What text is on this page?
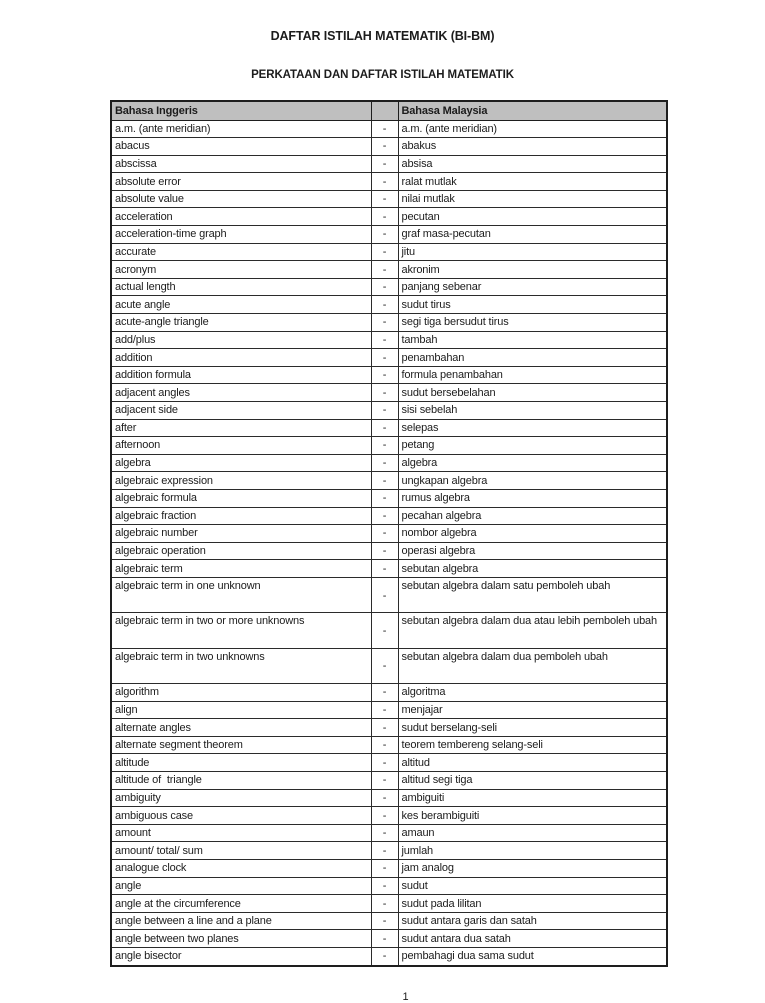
DAFTAR ISTILAH MATEMATIK (BI-BM)
PERKATAAN DAN DAFTAR ISTILAH MATEMATIK
Bahasa Inggeris		Bahasa Malaysia
a.m. (ante meridian)	-	a.m. (ante meridian)
abacus	-	abakus
abscissa	-	absisa
absolute error	-	ralat mutlak
absolute value	-	nilai mutlak
acceleration	-	pecutan
acceleration-time graph	-	graf masa-pecutan
accurate	-	jitu
acronym	-	akronim
actual length	-	panjang sebenar
acute angle	-	sudut tirus
acute-angle triangle	-	segi tiga bersudut tirus
add/plus	-	tambah
addition	-	penambahan
addition formula	-	formula penambahan
adjacent angles	-	sudut bersebelahan
adjacent side	-	sisi sebelah
after	-	selepas
afternoon	-	petang
algebra	-	algebra
algebraic expression	-	ungkapan algebra
algebraic formula	-	rumus algebra
algebraic fraction	-	pecahan algebra
algebraic number	-	nombor algebra
algebraic operation	-	operasi algebra
algebraic term	-	sebutan algebra
algebraic term in one unknown	-	sebutan algebra dalam satu pemboleh ubah
algebraic term in two or more unknowns	-	sebutan algebra dalam dua atau lebih pemboleh ubah
algebraic term in two unknowns	-	sebutan algebra dalam dua pemboleh ubah
algorithm	-	algoritma
align	-	menjajar
alternate angles	-	sudut berselang-seli
alternate segment theorem	-	teorem tembereng selang-seli
altitude	-	altitud
altitude of  triangle	-	altitud segi tiga
ambiguity	-	ambiguiti
ambiguous case	-	kes berambiguiti
amount	-	amaun
amount/ total/ sum	-	jumlah
analogue clock	-	jam analog
angle	-	sudut
angle at the circumference	-	sudut pada lilitan
angle between a line and a plane	-	sudut antara garis dan satah
angle between two planes	-	sudut antara dua satah
angle bisector	-	pembahagi dua sama sudut
1
